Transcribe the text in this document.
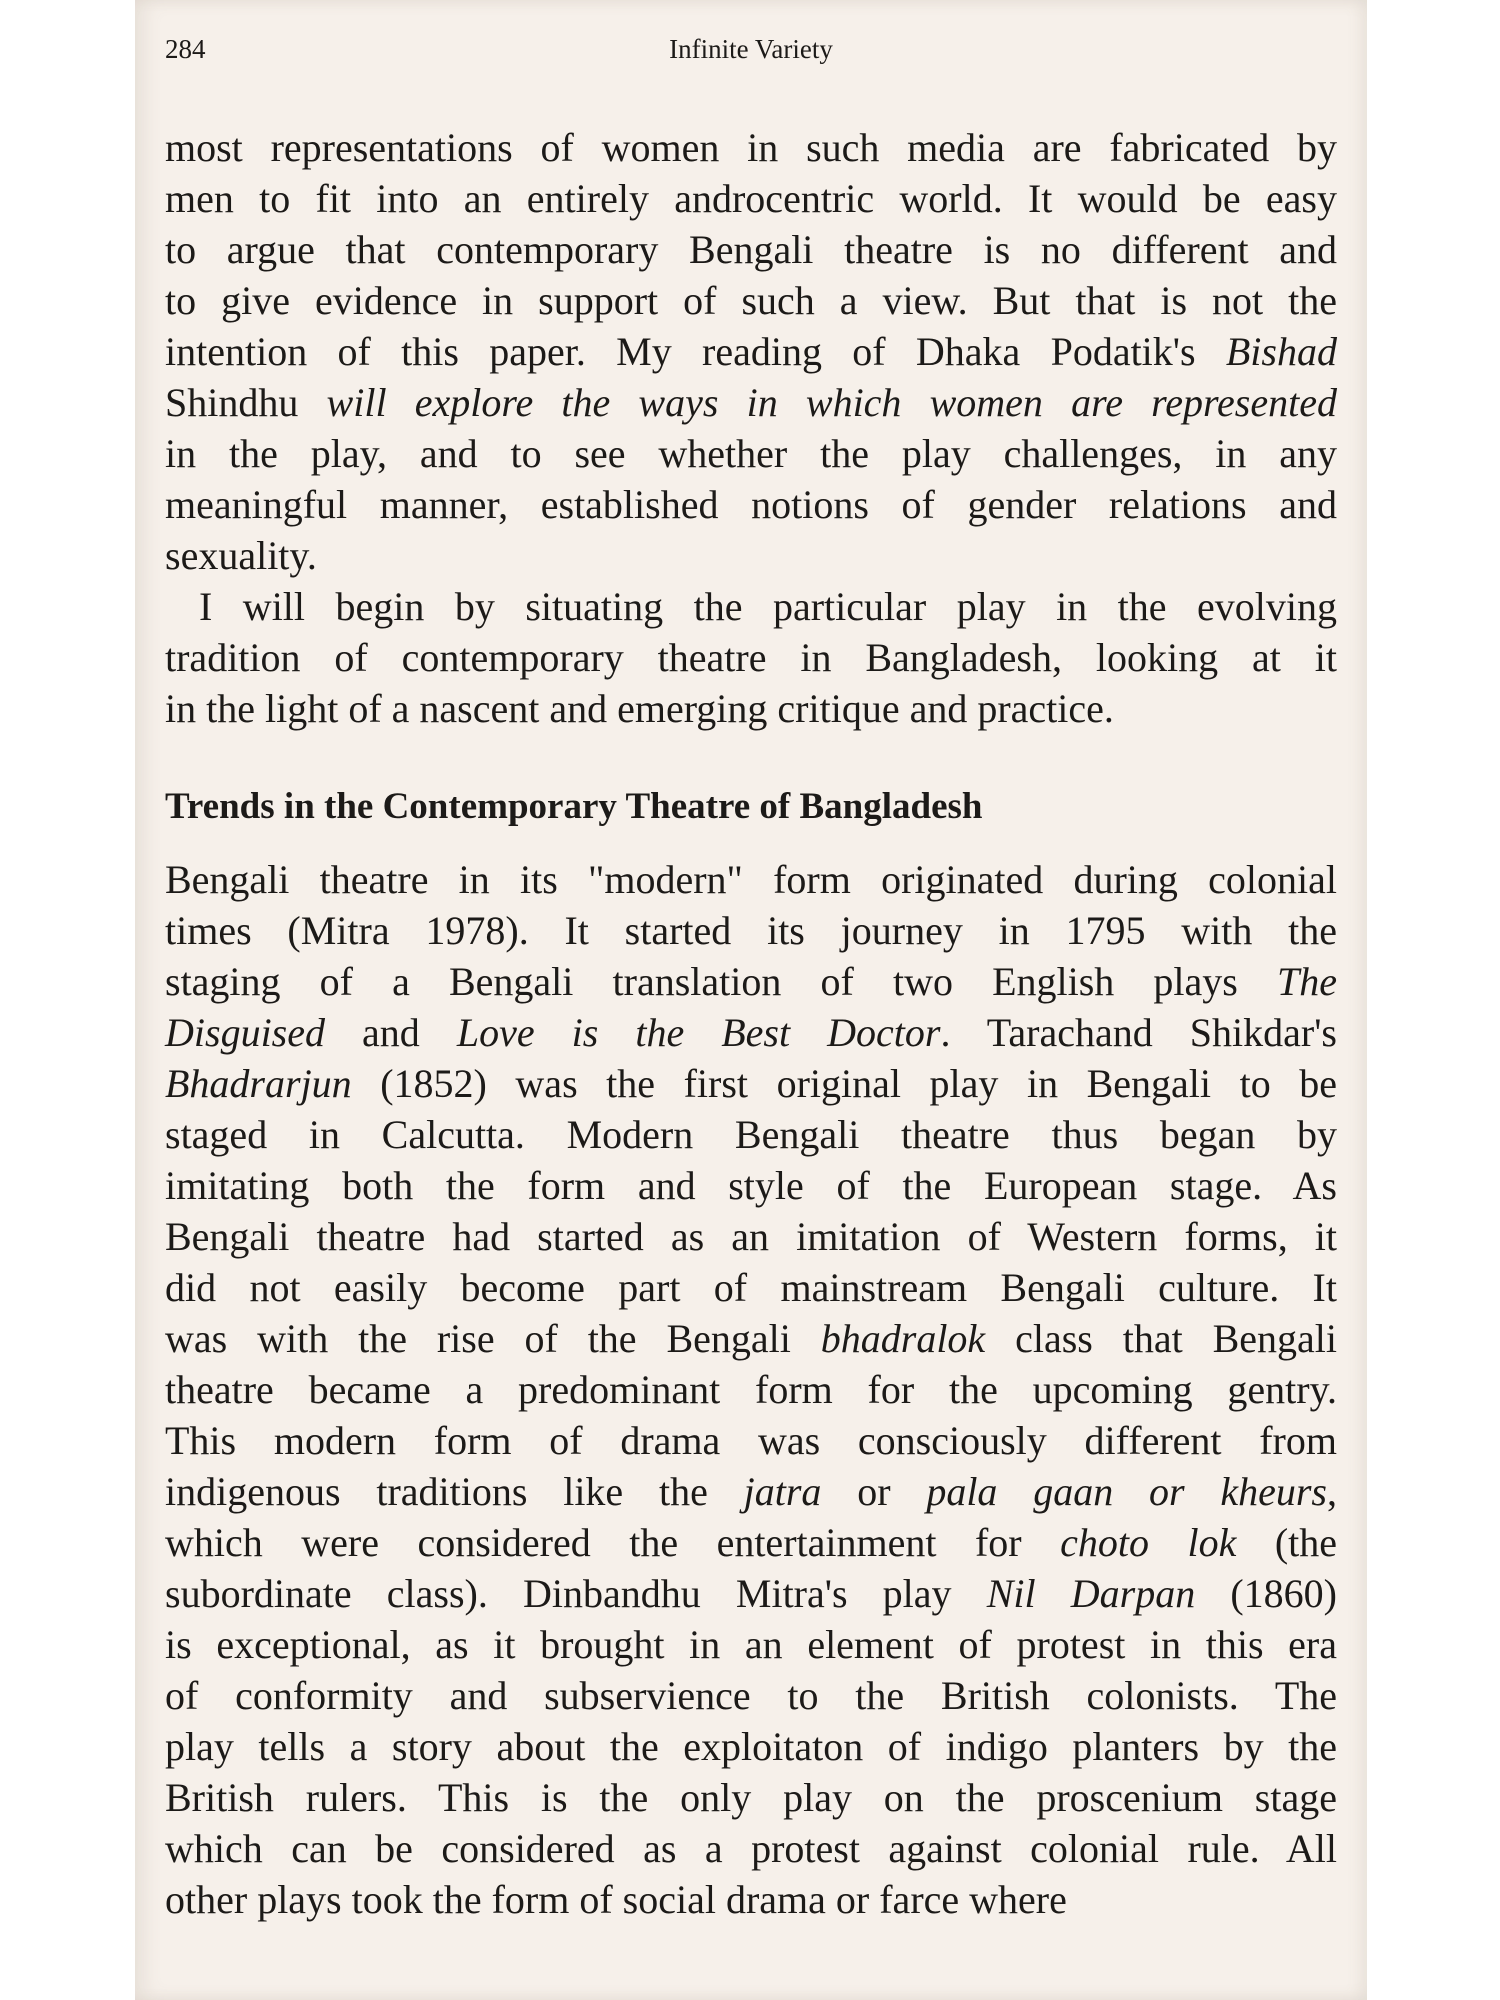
284	Infinite Variety
most representations of women in such media are fabricated by
men to fit into an entirely androcentric world. It would be easy
to argue that contemporary Bengali theatre is no different and
to give evidence in support of such a view. But that is not the
intention of this paper. My reading of Dhaka Podatik's Bishad
Shindhu will explore the ways in which women are represented
in the play, and to see whether the play challenges, in any
meaningful manner, established notions of gender relations and
sexuality.
I will begin by situating the particular play in the evolving
tradition of contemporary theatre in Bangladesh, looking at it
in the light of a nascent and emerging critique and practice.
Trends in the Contemporary Theatre of Bangladesh
Bengali theatre in its "modern" form originated during colonial
times (Mitra 1978). It started its journey in 1795 with the
staging of a Bengali translation of two English plays The
Disguised and Love is the Best Doctor. Tarachand Shikdar's
Bhadrarjun (1852) was the first original play in Bengali to be
staged in Calcutta. Modern Bengali theatre thus began by
imitating both the form and style of the European stage. As
Bengali theatre had started as an imitation of Western forms, it
did not easily become part of mainstream Bengali culture. It
was with the rise of the Bengali bhadralok class that Bengali
theatre became a predominant form for the upcoming gentry.
This modern form of drama was consciously different from
indigenous traditions like the jatra or pala gaan or kheurs,
which were considered the entertainment for choto lok (the
subordinate class). Dinbandhu Mitra's play Nil Darpan (1860)
is exceptional, as it brought in an element of protest in this era
of conformity and subservience to the British colonists. The
play tells a story about the exploitaton of indigo planters by the
British rulers. This is the only play on the proscenium stage
which can be considered as a protest against colonial rule. All
other plays took the form of social drama or farce where
